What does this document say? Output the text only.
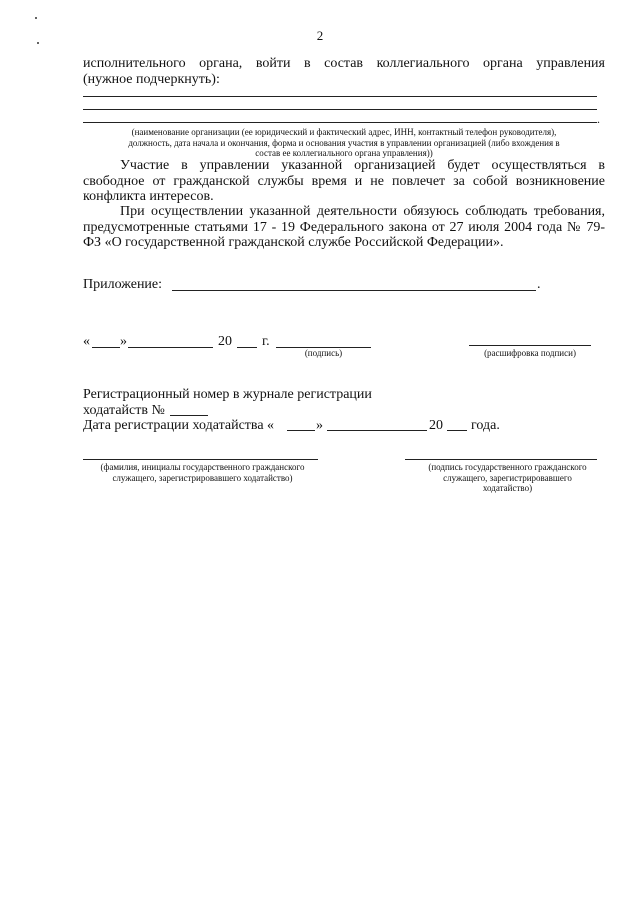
2
исполнительного органа, войти в состав коллегиального органа управления
(нужное подчеркнуть):
.
(наименование организации (ее юридический и фактический адрес, ИНН, контактный телефон руководителя),
должность, дата начала и окончания, форма и основания участия в управлении организацией (либо вхождения в
состав ее коллегиального органа управления))
Участие в управлении указанной организацией будет осуществляться в свободное от гражданской службы время и не повлечет за собой возникновение конфликта интересов.
При осуществлении указанной деятельности обязуюсь соблюдать требования, предусмотренные статьями 17 - 19 Федерального закона от 27 июля 2004 года № 79-ФЗ «О государственной гражданской службе Российской Федерации».
Приложение:	.
« »	20 г.
(подпись)	(расшифровка подписи)
Регистрационный номер в журнале регистрации
ходатайств №
Дата регистрации ходатайства «	»	20 года.
(фамилия, инициалы государственного гражданского
служащего, зарегистрировавшего ходатайство)
(подпись государственного гражданского
служащего, зарегистрировавшего
ходатайство)
